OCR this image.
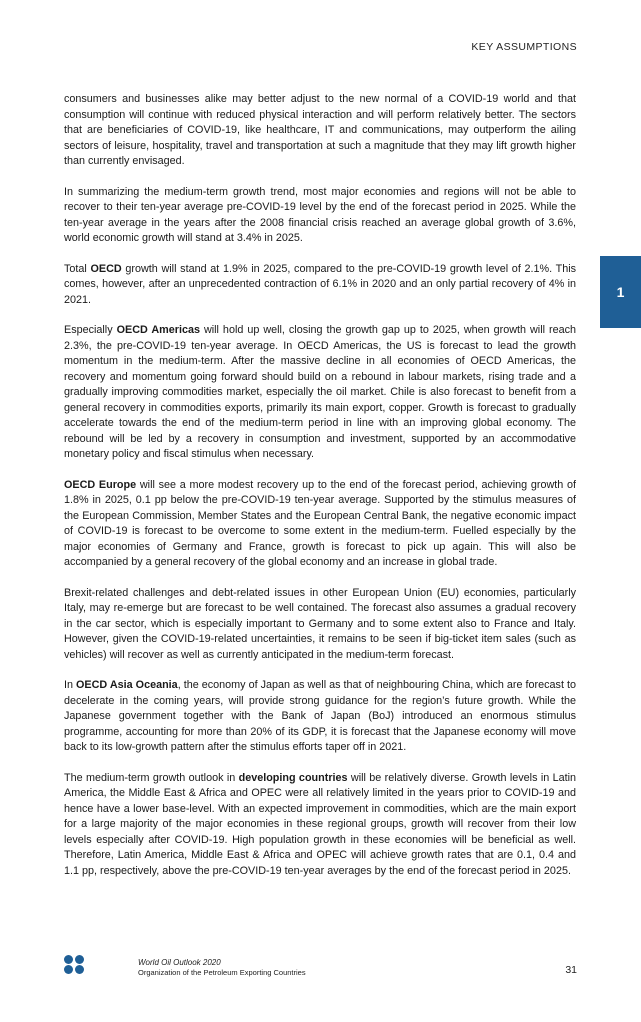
KEY ASSUMPTIONS
1

consumers and businesses alike may better adjust to the new normal of a COVID-19 world and that consumption will continue with reduced physical interaction and will perform relatively better. The sectors that are beneficiaries of COVID-19, like healthcare, IT and communications, may outperform the ailing sectors of leisure, hospitality, travel and transportation at such a magnitude that they may lift growth higher than currently envisaged.

In summarizing the medium-term growth trend, most major economies and regions will not be able to recover to their ten-year average pre-COVID-19 level by the end of the forecast period in 2025. While the ten-year average in the years after the 2008 financial crisis reached an average global growth of 3.6%, world economic growth will stand at 3.4% in 2025.

Total OECD growth will stand at 1.9% in 2025, compared to the pre-COVID-19 growth level of 2.1%. This comes, however, after an unprecedented contraction of 6.1% in 2020 and an only partial recovery of 4% in 2021.

Especially OECD Americas will hold up well, closing the growth gap up to 2025, when growth will reach 2.3%, the pre-COVID-19 ten-year average. In OECD Americas, the US is forecast to lead the growth momentum in the medium-term. After the massive decline in all economies of OECD Americas, the recovery and momentum going forward should build on a rebound in labour markets, rising trade and a gradually improving commodities market, especially the oil market. Chile is also forecast to benefit from a general recovery in commodities exports, primarily its main export, copper. Growth is forecast to gradually accelerate towards the end of the medium-term period in line with an improving global economy. The rebound will be led by a recovery in consumption and investment, supported by an accommodative monetary policy and fiscal stimulus when necessary.

OECD Europe will see a more modest recovery up to the end of the forecast period, achieving growth of 1.8% in 2025, 0.1 pp below the pre-COVID-19 ten-year average. Supported by the stimulus measures of the European Commission, Member States and the European Central Bank, the negative economic impact of COVID-19 is forecast to be overcome to some extent in the medium-term. Fuelled especially by the major economies of Germany and France, growth is forecast to pick up again. This will also be accompanied by a general recovery of the global economy and an increase in global trade.

Brexit-related challenges and debt-related issues in other European Union (EU) economies, particularly Italy, may re-emerge but are forecast to be well contained. The forecast also assumes a gradual recovery in the car sector, which is especially important to Germany and to some extent also to France and Italy. However, given the COVID-19-related uncertainties, it remains to be seen if big-ticket item sales (such as vehicles) will recover as well as currently anticipated in the medium-term forecast.

In OECD Asia Oceania, the economy of Japan as well as that of neighbouring China, which are forecast to decelerate in the coming years, will provide strong guidance for the region’s future growth. While the Japanese government together with the Bank of Japan (BoJ) introduced an enormous stimulus programme, accounting for more than 20% of its GDP, it is forecast that the Japanese economy will move back to its low-growth pattern after the stimulus efforts taper off in 2021.

The medium-term growth outlook in developing countries will be relatively diverse. Growth levels in Latin America, the Middle East & Africa and OPEC were all relatively limited in the years prior to COVID-19 and hence have a lower base-level. With an expected improvement in commodities, which are the main export for a large majority of the major economies in these regional groups, growth will recover from their low levels especially after COVID-19. High population growth in these economies will be beneficial as well. Therefore, Latin America, Middle East & Africa and OPEC will achieve growth rates that are 0.1, 0.4 and 1.1 pp, respectively, above the pre-COVID-19 ten-year averages by the end of the forecast period in 2025.

World Oil Outlook 2020
Organization of the Petroleum Exporting Countries	31
